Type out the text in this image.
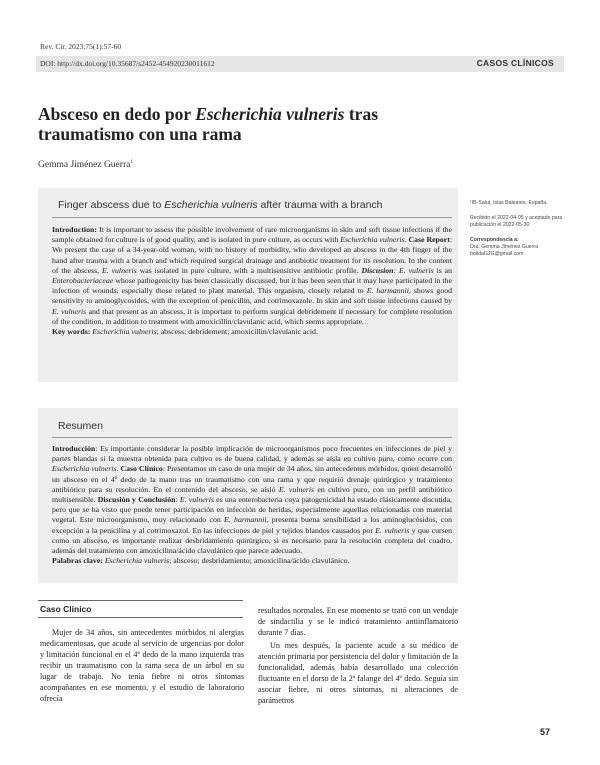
Rev. Cir. 2023;75(1):57-60
DOI: http://dx.doi.org/10.35687/s2452-454920230011612	CASOS CLÍNICOS
Absceso en dedo por Escherichia vulneris tras traumatismo con una rama
Gemma Jiménez Guerra$^1$
Finger abscess due to Escherichia vulneris after trauma with a branch

Introduction: It is important to assess the possible involvement of rare microorganisms in skin and soft tissue infections if the sample obtained for culture is of good quality, and is isolated in pure culture, as occurs with Escherichia vulneris. Case Report: We present the case of a 34-year-old woman, with no history of morbidity, who developed an abscess in the 4th finger of the hand after trauma with a branch and which required surgical drainage and antibiotic treatment for its resolution. In the content of the abscess, E. vulneris was isolated in pure culture, with a multisensitive antibiotic profile. Discusion: E. vulneris is an Enterobacteriaceae whose pathogenicity has been classically discussed, but it has been seen that it may have participated in the infection of wounds, especially those related to plant material. This organism, closely related to E. harmannii, shows good sensitivity to aminoglycosides, with the exception of penicillin, and cotrimoxazole. In skin and soft tissue infections caused by E. vulneris and that present as an abscess, it is important to perform surgical debridement if necessary for complete resolution of the condition, in addition to treatment with amoxicillin/clavulanic acid, which seems appropriate.

Key words: Escherichia vulneris; abscess; debridement; amoxicillin/clavulanic acid.

¹IB-Salut, Islas Baleares. España.

Recibido el 2022-04-05 y aceptado para publicación el 2022-05-30

Correspondencia a:

Dra. Gemma Jiménez Guerra

bolidaGJG@gmail.com

Resumen

Introducción: Es importante considerar la posible implicación de microorganismos poco frecuentes en infecciones de piel y partes blandas si la muestra obtenida para cultivo es de buena calidad, y además se aísla en cultivo puro, como ocurre con Escherichia vulneris. Caso Clínico: Presentamos un caso de una mujer de 34 años, sin antecedentes mórbidos, quien desarrolló un absceso en el 4º dedo de la mano tras un traumatismo con una rama y que requirió drenaje quirúrgico y tratamiento antibiótico para su resolución. En el contenido del absceso, se aisló E. vulneris en cultivo puro, con un perfil antibiótico multisensible. Discusión y Conclusión: E. vulneris es una enterobacteria cuya patogenicidad ha estado clásicamente discutida, pero que se ha visto que puede tener participación en infección de heridas, especialmente aquellas relacionadas con material vegetal. Este microorganismo, muy relacionado con E. harmannii, presenta buena sensibilidad a los aminoglucósidos, con excepción a la penicilina y al cotrimoxazol. En las infecciones de piel y tejidos blandos causados por E. vulneris y que cursen como un absceso, es importante realizar desbridamiento quirúrgico, si es necesario para la resolución completa del cuadro, además del tratamiento con amoxicilina/ácido clavulánico que parece adecuado.

Palabras clave: Escherichia vulneris; absceso; desbridamiento; amoxicilina/ácido clavulánico.

Caso Clínico
Mujer de 34 años, sin antecedentes mórbidos ni alergias medicamentosas, que acude al servicio de urgencias por dolor y limitación funcional en el 4º dedo de la mano izquierda tras recibir un traumatismo con la rama seca de un árbol en su lugar de trabajo. No tenía fiebre ni otros síntomas acompañantes en ese momento, y el estudio de laboratorio ofrecía

resultados normales. En ese momento se trató con un vendaje de sindactilia y se le indicó tratamiento antiinflamatorio durante 7 días.

Un mes después, la paciente acude a su médico de atención primaria por persistencia del dolor y limitación de la funcionalidad, además había desarrollado una colección fluctuante en el dorso de la 2ª falange del 4º dedo. Seguía sin asociar fiebre, ni otros síntomas, ni alteraciones de parámetros

57
